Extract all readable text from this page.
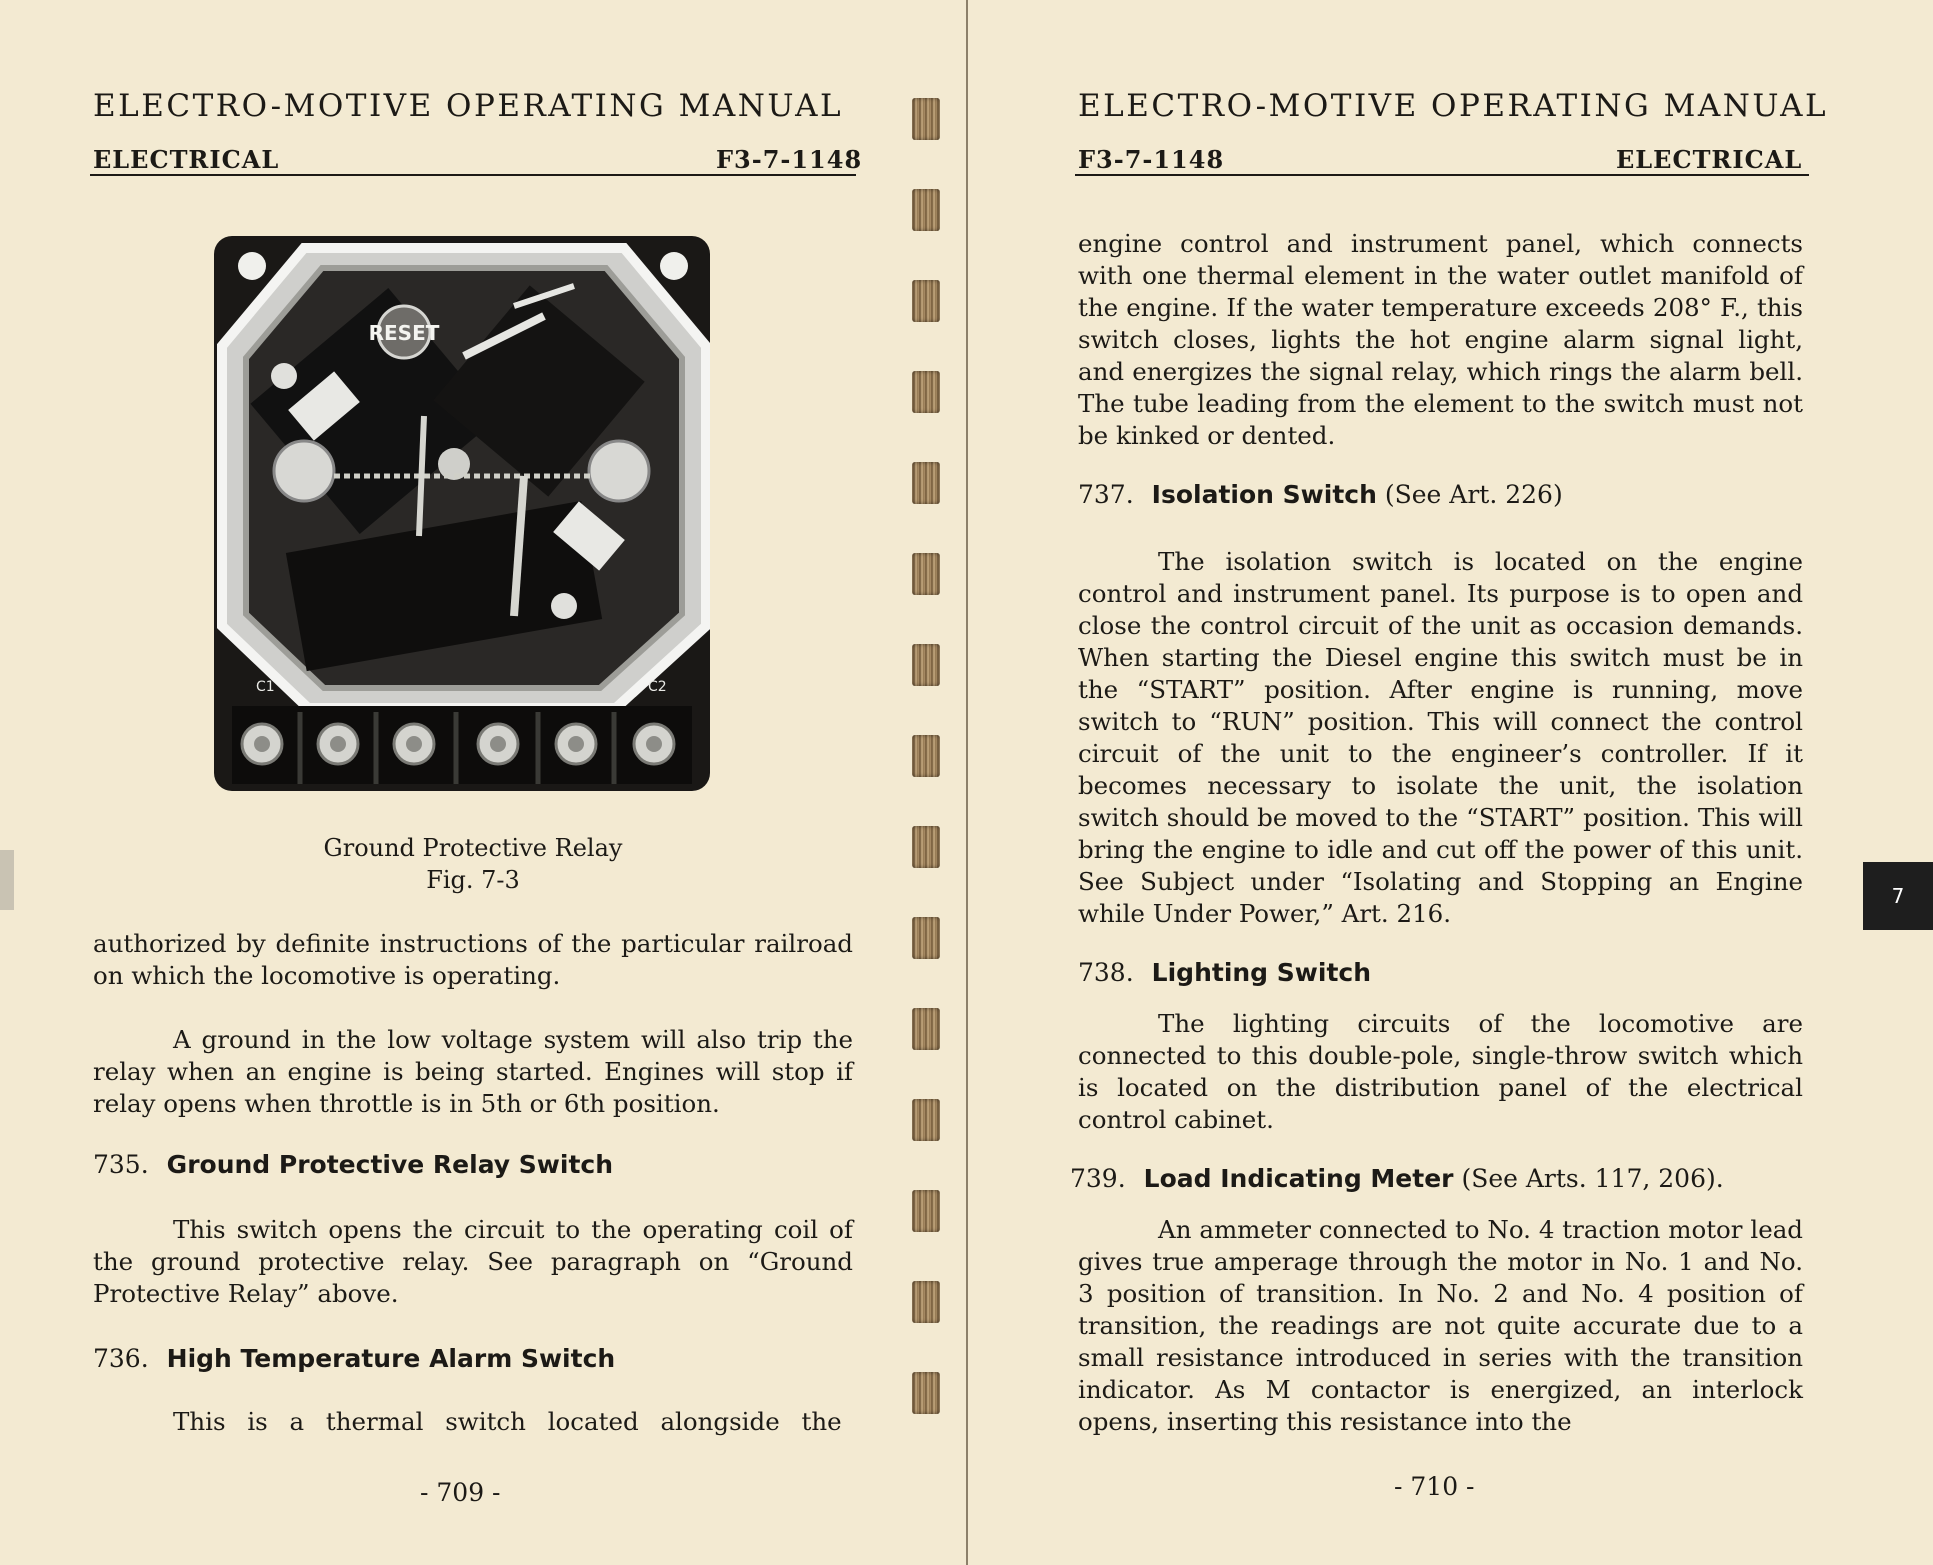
ELECTRO-MOTIVE OPERATING MANUAL
ELECTRICAL	F3-7-1148
RESET
C1	C2
Ground Protective Relay
Fig. 7-3

authorized by definite instructions of the particular railroad on which the locomotive is operating.

A ground in the low voltage system will also trip the relay when an engine is being started. Engines will stop if relay opens when throttle is in 5th or 6th position.

735. Ground Protective Relay Switch

This switch opens the circuit to the operating coil of the ground protective relay. See paragraph on “Ground Protective Relay” above.

736. High Temperature Alarm Switch

This is a thermal switch located alongside the

- 709 -
ELECTRO-MOTIVE OPERATING MANUAL
F3-7-1148	ELECTRICAL

engine control and instrument panel, which connects with one thermal element in the water outlet manifold of the engine. If the water temperature exceeds 208° F., this switch closes, lights the hot engine alarm signal light, and energizes the signal relay, which rings the alarm bell. The tube leading from the element to the switch must not be kinked or dented.

737. Isolation Switch (See Art. 226)

The isolation switch is located on the engine control and instrument panel. Its purpose is to open and close the control circuit of the unit as occasion demands. When starting the Diesel engine this switch must be in the “START” position. After engine is running, move switch to “RUN” position. This will connect the control circuit of the unit to the engineer’s controller. If it becomes necessary to isolate the unit, the isolation switch should be moved to the “START” position. This will bring the engine to idle and cut off the power of this unit. See Subject under “Isolating and Stopping an Engine while Under Power,” Art. 216.

738. Lighting Switch

The lighting circuits of the locomotive are connected to this double-pole, single-throw switch which is located on the distribution panel of the electrical control cabinet.

739. Load Indicating Meter (See Arts. 117, 206).

An ammeter connected to No. 4 traction motor lead gives true amperage through the motor in No. 1 and No. 3 position of transition. In No. 2 and No. 4 position of transition, the readings are not quite accurate due to a small resistance introduced in series with the transition indicator. As M contactor is energized, an interlock opens, inserting this resistance into the

- 710 -
7
